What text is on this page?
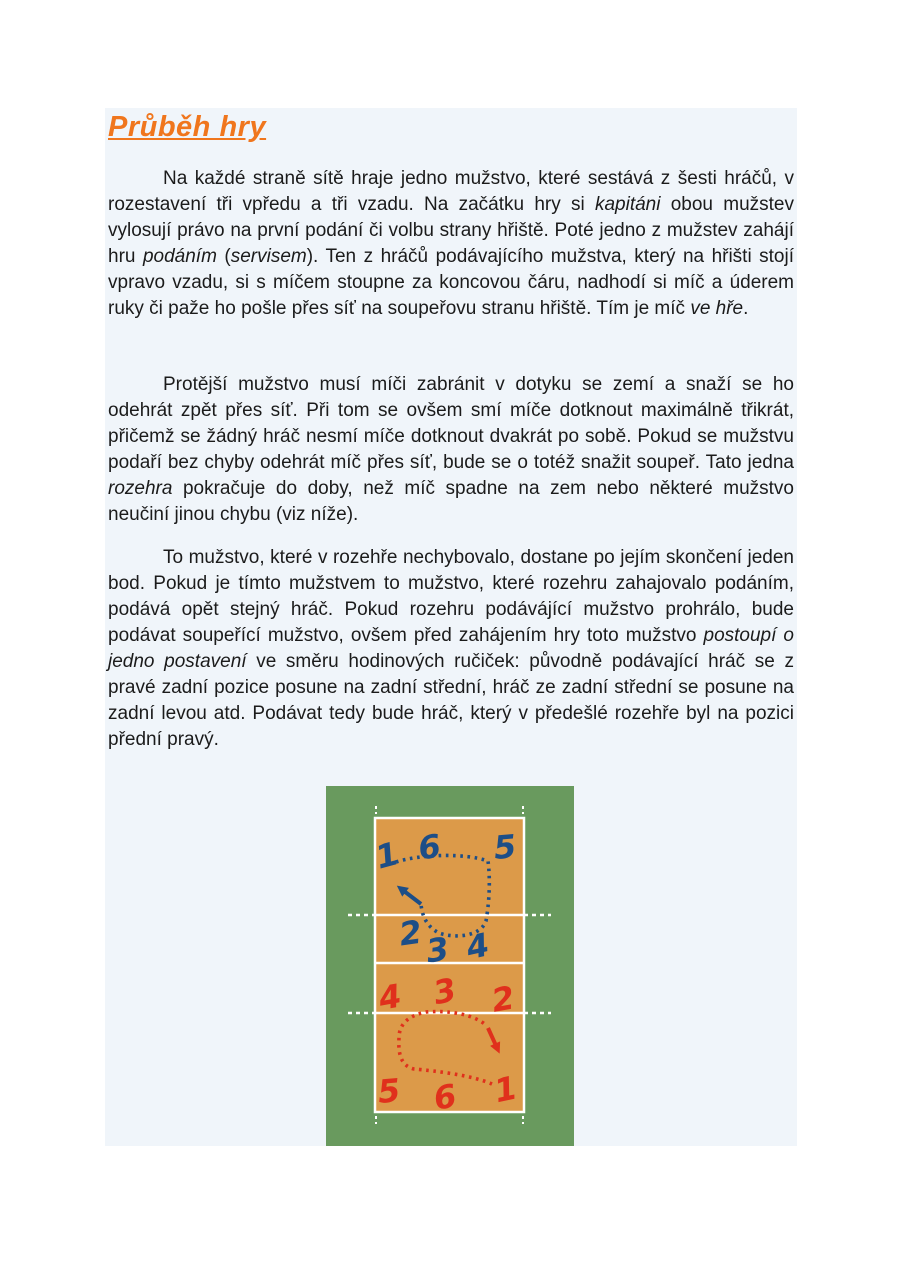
Průběh hry

Na každé straně sítě hraje jedno mužstvo, které sestává z šesti hráčů, v rozestavení tři vpředu a tři vzadu. Na začátku hry si kapitáni obou mužstev vylosují právo na první podání či volbu strany hřiště. Poté jedno z mužstev zahájí hru podáním (servisem). Ten z hráčů podávajícího mužstva, který na hřišti stojí vpravo vzadu, si s míčem stoupne za koncovou čáru, nadhodí si míč a úderem ruky či paže ho pošle přes síť na soupeřovu stranu hřiště. Tím je míč ve hře.

Protější mužstvo musí míči zabránit v dotyku se zemí a snaží se ho odehrát zpět přes síť. Při tom se ovšem smí míče dotknout maximálně třikrát, přičemž se žádný hráč nesmí míče dotknout dvakrát po sobě. Pokud se mužstvu podaří bez chyby odehrát míč přes síť, bude se o totéž snažit soupeř. Tato jedna rozehra pokračuje do doby, než míč spadne na zem nebo některé mužstvo neučiní jinou chybu (viz níže).

To mužstvo, které v rozehře nechybovalo, dostane po jejím skončení jeden bod. Pokud je tímto mužstvem to mužstvo, které rozehru zahajovalo podáním, podává opět stejný hráč. Pokud rozehru podávájící mužstvo prohrálo, bude podávat soupeřící mužstvo, ovšem před zahájením hry toto mužstvo postoupí o jedno postavení ve směru hodinových ručiček: původně podávající hráč se z pravé zadní pozice posune na zadní střední, hráč ze zadní střední se posune na zadní levou atd. Podávat tedy bude hráč, který v předešlé rozehře byl na pozici přední pravý.

1 6 5
2 3 4
4 3 2
5 6 1
